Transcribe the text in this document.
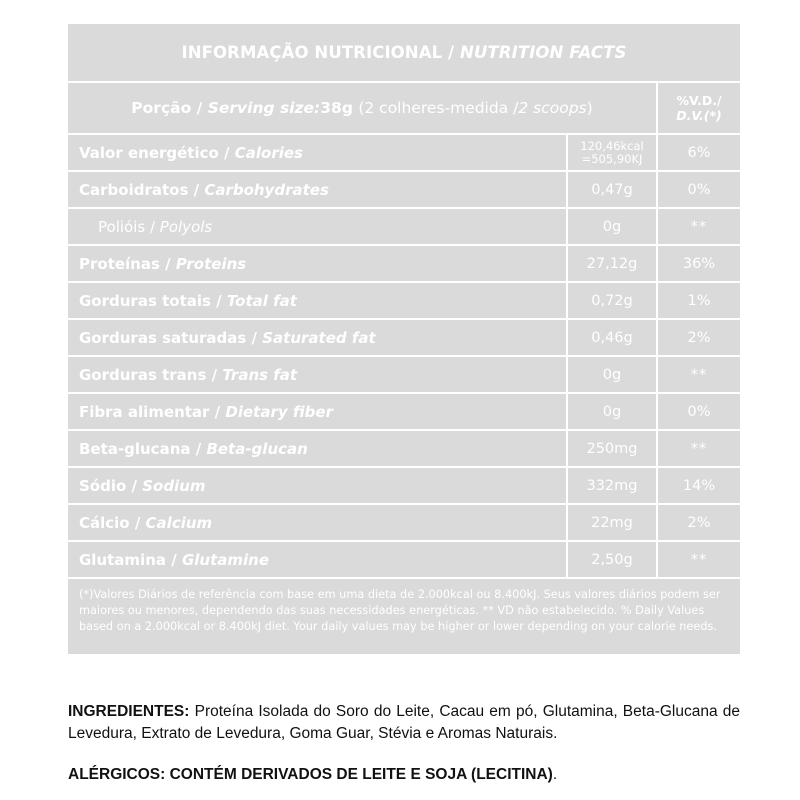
INFORMAÇÃO NUTRICIONAL /
NUTRITION FACTS
Porção /
Serving size: 38g
(2 colheres-medida / 2 scoops )	%V.D./
D.V.(*)
Valor energético /
Calories	120,46kcal
=505,90KJ	6%
Carboidratos /
Carbohydrates	0,47g	0%
Polióis /
Polyols	0g	**
Proteínas /
Proteins	27,12g	36%
Gorduras totais /
Total fat	0,72g	1%
Gorduras saturadas /
Saturated fat	0,46g	2%
Gorduras trans /
Trans fat	0g	**
Fibra alimentar /
Dietary fiber	0g	0%
Beta-glucana /
Beta-glucan	250mg	**
Sódio /
Sodium	332mg	14%
Cálcio /
Calcium	22mg	2%
Glutamina /
Glutamine	2,50g	**
(*)Valores Diários de referência com base em uma dieta de 2.000kcal ou 8.400kJ. Seus valores diários podem ser maiores ou menores, dependendo das suas necessidades energéticas. ** VD não estabelecido. % Daily Values based on a 2.000kcal or 8.400kJ diet. Your daily values may be higher or lower depending on your calorie needs.
INGREDIENTES: Proteína Isolada do Soro do Leite, Cacau em pó, Glutamina, Beta-Glucana de Levedura, Extrato de Levedura, Goma Guar, Stévia e Aromas Naturais.
ALÉRGICOS: CONTÉM DERIVADOS DE LEITE E SOJA (LECITINA).
